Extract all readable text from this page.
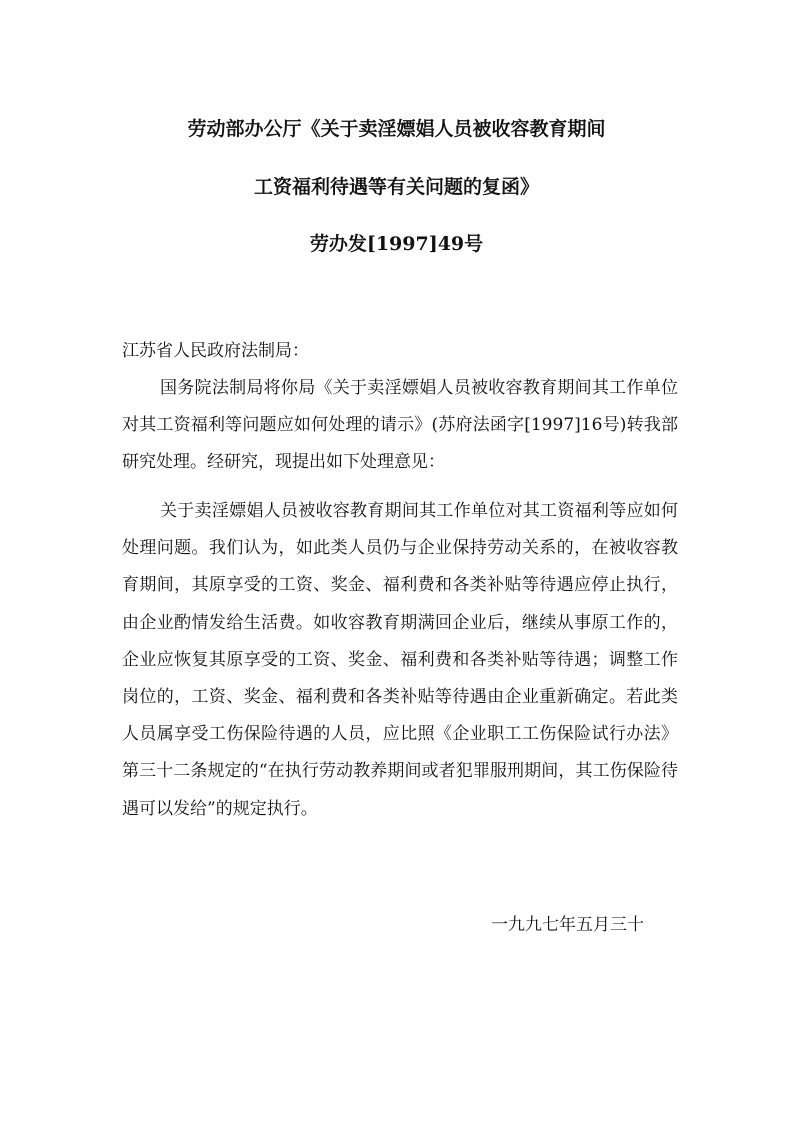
劳动部办公厅《关于卖淫嫖娼人员被收容教育期间
工资福利待遇等有关问题的复函》
劳办发[1997]49号

江苏省人民政府法制局：

国务院法制局将你局《关于卖淫嫖娼人员被收容教育期间其工作单位对其工资福利等问题应如何处理的请示》(苏府法函字[1997]16号)转我部研究处理。经研究，现提出如下处理意见：

关于卖淫嫖娼人员被收容教育期间其工作单位对其工资福利等应如何处理问题。我们认为，如此类人员仍与企业保持劳动关系的，在被收容教育期间，其原享受的工资、奖金、福利费和各类补贴等待遇应停止执行，由企业酌情发给生活费。如收容教育期满回企业后，继续从事原工作的，企业应恢复其原享受的工资、奖金、福利费和各类补贴等待遇；调整工作岗位的，工资、奖金、福利费和各类补贴等待遇由企业重新确定。若此类人员属享受工伤保险待遇的人员，应比照《企业职工工伤保险试行办法》第三十二条规定的“在执行劳动教养期间或者犯罪服刑期间，其工伤保险待遇可以发给”的规定执行。

一九九七年五月三十
